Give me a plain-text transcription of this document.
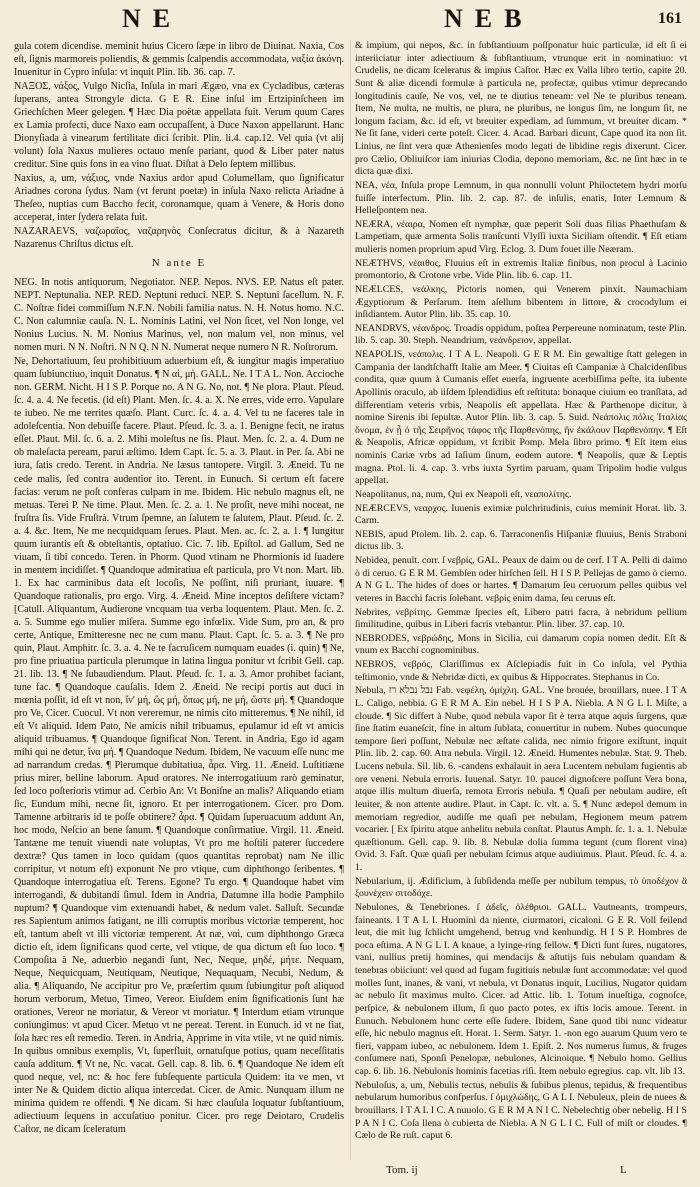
NE	NEB	161

gula cotem dicendise. meminit huius Cicero ſæpe in libro de Diuinat. Naxia, Cos eſt, ſignis marmoreis poliendis, & gemmis ſcalpendis accommodata, ναξία ἀκόνη. Inuenitur in Cypro inſula: vt inquit Plin. lib. 36. cap. 7.

ΝΑΞΟΣ, νάξος, Vulgo Nicſia, Inſula in mari Ægæo, vna ex Cycladibus, cæteras ſuperans, antea Strongyle dicta. G E R. Eine inſul im Ertzipinſcheen im Griechſchen Meer gelegen. ¶ Hæc Dia poëtæ appellata fuit. Verum quum Cares ex Lamia profecti, duce Naxo eam occupaſſent, à Duce Naxon appellarunt. Hanc Dionyſiada à vinearum fertilitate dici ſcribit. Plin. li.4. cap.12. Vel quia (vt alij volunt) ſola Naxus mulieres octauo menſe pariant, quod & Liber pater natus creditur. Sine quis fons in ea vino fluat. Diſtat à Delo ſeptem millibus.

Naxius, a, um, νάξιος, vnde Naxius ardor apud Columellam, quo ſignificatur Ariadnes corona ſydus. Nam (vt ferunt poetæ) in inſula Naxo relicta Ariadne à Theſeo, nuptias cum Baccho fecit, coronamque, quam à Venere, & Horis dono acceperat, inter ſydera relata fuit.

NAZARAEVS, ναζωραῖος, ναζαρηνὸς Conſecratus dicitur, & à Nazareth Nazarenus Chriſtus dictus eſt.

N ante E

NEG. In notis antiquorum, Negotiator. NEP. Nepos. NVS. EP. Natus eſt pater. NEPT. Neptunalia. NEP. RED. Neptuni reduci. NEP. S. Neptuni ſacellum. N. F. C. Noſtræ fidei commiſſum N.F.N. Nobili familia natus. N. H. Notus homo. N.C. C. Non calumniæ cauſa. N. L. Nominis Latini, vel Non ſicet, vel Non longe, vel Nonius Lucius. N. M. Nonius Marinus, vel, non malum vel, non minus, vel nomen muri. N N. Noſtri. N N Q. N N. Numerat neque numero N R. Noſtrorum.

Ne, Dehortatiuum, ſeu prohibitiuum aduerbium eſt, & iungitur magis imperatiuo quam ſubiunctiuo, inquit Donatus. ¶ Ν αὶ, μὴ. GALL. Ne. I T A L. Non. Accioche non. GERM. Nicht. H I S P. Porque no. A N G. No, not. ¶ Ne plora. Plaut. Pſeud. ſc. 4. a. 4. Ne fecetis. (id eſt) Plant. Men. ſc. 4. a. X. Ne erres, vide erro. Vapulare te iubeo. Ne me territes quæſo. Plant. Curc. ſc. 4. a. 4. Vel tu ne faceres tale in adoleſcentia. Non debuiſſe facere. Plaut. Pſeud. ſc. 3. a. 1. Benigne fecit, ne iratus eſſet. Plaut. Mil. ſc. 6. a. 2. Mihi moleſtus ne ſis. Plaut. Men. ſc. 2. a. 4. Dum ne ob maleſacta peream, parui æſtimo. Idem Capt. ſc. 5. a. 3. Plaut. in Per. ſa. Abi ne iura, ſatis credo. Terent. in Andria. Ne læsus tantopere. Virgil. 3. Æneid. Tu ne cede malis, ſed contra audentior ito. Terent. in Eunuch. Si certum eſt facere facias: verum ne poſt conferas culpam in me. Ibidem. Hic nebulo magnus eſt, ne metuas. Terei P. Ne time. Plaut. Men. ſc. 2. a. 1. Ne proſit, neve mihi noceat, ne fruſtra ſis. Vide Fruſtrà. Vtrum ſpemne, an ſalutem te ſalutem, Plaut. Pſeud. ſc. 2. a. 4. &c. Item, Ne me necquidquam ſerues. Plaut. Men. ac. ſc. 2. a. 1. ¶ Iungitur quum iurantis eſt & obteſtantis, optatiuo. Cic. 7. lib. Epiſtol. ad Gallum, Sed ne viuam, ſi tibi concedo. Teren. in Phorm. Quod vtinam ne Phormionis id ſuadere in mentem incidiſſet. ¶ Quandoque admiratiua eſt particula, pro Vt non. Mart. lib. 1. Ex hac carminibus data eſt locoſis, Ne poſſint, niſi pruriant, iuuare. ¶ Quandoque rationalis, pro ergo. Virg. 4. Æneid. Mine inceptos deſiſtere victam? [Catull. Aliquantum, Audierone vncquam tua verba loquentem. Plaut. Men. ſc. 2. a. 5. Summe ego mulier miſera. Summe ego infœlix. Vide Sum, pro an, & pro certe, Antique, Emitteresne nec ne cum manu. Plaut. Capt. ſc. 5. a. 3. ¶ Ne pro quin, Plaut. Amphitr. ſc. 3. a. 4. Ne te facruſicem numquam euades (i. quin) ¶ Ne, pro fine priuatiua particula plerumque in latina lingua ponitur vt ſcribit Gell. cap. 21. lib. 13. ¶ Ne ſubaudiendum. Plaut. Pſeud. ſc. 1. a. 3. Amor prohibet faciant, tune fac. ¶ Quandoque cauſalis. Idem 2. Æneid. Ne recipi portis aut duci in mœnia poſſit, id eſt vt non, ἵν' μή, ὥς μή, ὅπως μή, ne μή, ὥστε μή. ¶ Quandoque pro Ve, Cicer. Cuocul. Vt non vereremur, ne nimis cito mitteremus. ¶ Ne nihil, id eſt Vt aliquid. Idem Pato, Ne amicis nihil tribuamus, epulamur id eſt vt amicis aliquid tribuamus. ¶ Quandoque ſignificat Non. Terent. in Andria, Ego id agam mihi qui ne detur, ἵνα μή. ¶ Quandoque Nedum. Ibidem, Ne vacuum eſſe nunc me ad narrandum credas. ¶ Plerumque dubitatiua, ἆρα. Virg. 11. Æneid. Luſtitiæne prius mirer, belline laborum. Apud oratores. Ne interrogatiuum rarò geminatur, ſed loco poſterioris vtimur ad. Cerbio An: Vt Boniſne an malis? Aliquando etiam ſic, Eundum mihi, necne ſit, ignoro. Et per interrogationem. Cicer. pro Dom. Tamenne arbitraris id te poſſe obtinere? ἆρα. ¶ Quidam ſuperuacuum addunt An, hoc modo, Neſcio an bene ſanum. ¶ Quandoque conſirmatiue. Virgil. 11. Æneid. Tantæne me tenuit viuendi nate voluptas, Vt pro me hoſtili paterer ſuccedere dextræ? Qus tamen in loco quidam (quos quantitas reprobat) nam Ne illic corripitur, vt notum eſt) exponunt Ne pro vtique, cum diphthongo ſeribentes. ¶ Quandoque interrogatiua eſt. Terens. Egone? Tu ergo. ¶ Quandoque habet vim interrogandi, & dubitandi ſimul. Idem in Andria, Datumne illa hodie Pamphilo nuptum? ¶ Quandoque vim extenuandi habet, & nedum valet. Salluſt. Secundæ res Sapientum animos fatigant, ne illi corruptis moribus victoriæ temperent, hoc eſt, tantum abeſt vt illi victoriæ temperent. At næ, ναὶ, cum diphthongo Græca dictio eſt, idem ſignificans quod certe, vel vtique, de qua dictum eſt ſuo loco. ¶ Compoſita à Ne, aduerbio negandi ſunt, Nec, Neque, μηδέ, μήτε. Nequam, Neque, Nequicquam, Neutiquam, Neutique, Nequaquam, Necubi, Nedum, & alia. ¶ Aliquando, Ne accipitur pro Ve, præſertim quum ſubiungitur poſt aliquod horum verborum, Metuo, Timeo, Vereor. Eiuſdem enim ſignificationis ſunt hæ orationes, Vereor ne moriatur, & Vereor vt moriatur. ¶ Interdum etiam vtrunque coniungimus: vt apud Cicer. Metuo vt ne pereat. Terent. in Eunuch. id vt ne fiat, ſola hæc res eſt remedio. Teren. in Andria, Apprime in vita vtile, vt ne quid nimis. In quibus omnibus exemplis, Vt, ſuperfluit, ornatuſque potius, quam neceſſitatis cauſa additum. ¶ Vt ne, Nc. vacat. Gell. cap. 8. lib. 6. ¶ Quandoque Ne idem eſt quod neque, vel, nc: & hoc fere fubſequente particula Quidem: ita ve men, vt inter Ne & Quidem dictio aliqua intercedat. Cicer. de Amic. Nunquam illum ne minima quidem re offendi. ¶ Ne dicam. Si hæc clauſula loquatur ſubſtantiuum, adiectiuum ſequens in accuſatiuo ponitur. Cicer. pro rege Deiotaro, Crudelis Caſtor, ne dicam ſceleratum

& impium, qui nepos, &c. in ſubſtantiuum poſſponatur huic particulæ, id eſt ſi ei interiiciatur inter adiectiuum & ſubſtantiuum, vtrunque erit in nominatiuo: vt Crudelis, ne dicam ſceleratus & impius Caſtor. Hæc ex Valla libro tertio, capite 20. Sunt & aliæ dicendi formulæ à particula ne, profectæ, quibus vtimur deprecando longitudinis cauſe, Ne vos, vel, ne te diutius teneam: vel Ne te pluribus teneam. Item, Ne multa, ne multis, ne plura, ne pluribus, ne longus ſim, ne longum ſit, ne longum faciam, &c. id eſt, vt breuiter expediam, ad ſummum, vt breuiter dicam. * Ne ſit ſane, videri certe poteſt. Cicer. 4. Acad. Barbari dicunt, Cape quod ita non ſit. Linius, ne ſint vera quæ Athenienſes modo legati de libidine regis dixerunt. Cicer. pro Cælio, Obliuiſcor iam iniurias Clodia, depono memoriam, &c. ne ſint hæc in te dicta quæ dixi.

ΝΕΑ, νέα, Inſula prope Lemnum, in qua nonnulli volunt Philoctetem hydri morſu fuiſſe interfectum. Plin. lib. 2. cap. 87. de inſulis, enatis, Inter Lemnum & Helleſpontem nea.

ΝΕÆRA, νέαιρα, Nomen eſt nymphæ, quæ peperit Soli duas filias Phaethuſam & Lampetiam, quæ armenta Solis tranſcunti Vlyſſi iuxta Siciliam oſtendit. ¶ Eſt etiam mulieris nomen proprium apud Virg. Eclog. 3. Dum fouet ille Neæram.

ΝΕÆΤΗVS, νέαιθος, Fluuius eſt in extremis Italiæ finibus, non procul à Lacinio promontorio, & Crotone vrbe. Vide Plin. lib. 6. cap. 11.

ΝΕÆLCES, νεάλκης, Pictoris nomen, qui Venerem pinxit. Naumachiam Ægyptiorum & Perſarum. Item aſellum bibentem in littore, & crocodylum ei inſidiantem. Autor Plin. lib. 35. cap. 10.

ΝΕΑΝDRVS, νέανδρος. Troadis oppidum, poſtea Perpereune nominatum, teste Plin. lib. 5. cap. 30. Steph. Neandrium, νεάνδρειον, appellat.

ΝΕΑΡΟLIS, νεάπολις. I T A L. Neapoli. G E R M. Ein gewaltige ſtatt gelegen in Campania der landtſchafft Italie am Meer. ¶ Ciuitas eſt Campaniæ à Chalcidenſibus condita, quæ quum à Cumanis eſſet euerſa, ingruente acerbiſſima peſte, ita iubente Apollinis oraculo, ab iiſdem ſplendidius eſt reſtituta: bonaque ciuium eo tranſlata, ad differentiam veteris vrbis, Neapolis eſt appellata. Hæc & Parthenope dicitur, à nomine Sirenis ibi ſepultæ. Autor Plin. lib. 3. cap. 5. Suid. Νεάπολις πόλις Ἰταλίας ὄνομα, ἐν ᾗ ὁ τῆς Σειρῆνος τάφος τῆς Παρθενόπης, ἣν ἐκάλουν Παρθενόπην. ¶ Eſt & Neapolis, Africæ oppidum, vt ſcribit Pomp. Mela ſibro primo. ¶ Eſt item eius nominis Cariæ vrbs ad Iaſium ſinum, eodem autore. ¶ Neapolis, quæ & Leptis magna. Ptol. li. 4. cap. 3. vrbs iuxta Syrtim paruam, quam Tripolim hodie vulgus appellat.

Neapolitanus, na, num, Qui ex Neapoli eſt, νεαπολίτης.

ΝΕÆRCEVS, νεαρχος. Iuuenis eximiæ pulchritudinis, cuius meminit Horat. lib. 3. Carm.

NEBIS, apud Ptolem. lib. 2. cap. 6. Tarraconenſis Hiſpaniæ fluuius, Benis Straboni dictus lib. 3.

Nebidea, penult. corr. ſ νεβρίς, GAL. Peaux de daim ou de cerf. I T A. Pelli di daimo ò di ceruo. G E R M. Gembſen oder hirſchen ſell. H I S P. Pellejas de gamo ò cierno. A N G L. The hides of does or hartes. ¶ Damarum ſeu ceruorum pelles quibus vel veteres in Bacchi facris ſolebant. νεβρὶς enim dama, ſeu ceruus eſt.

Nebrites, νεβρίτης. Gemmæ ſpecies eſt, Libero patri facra, à nebridum pellium ſimilitudine, quibus in Liberi facris vtebantur. Plin. liber. 37. cap. 10.

NEBRODES, νεβρώδης, Mons in Sicilia, cui damarum copia nomen dedit. Eſt & vnum ex Bacchi cognominibus.

NEBROS, νεβρός, Clariſſimus ex Aſclepiadis fuit in Co inſula, vel Pythia teſtimonio, vnde & Nebridæ dicti, ex quibus & Hippocrates. Stephanus in Co.

Nebula, נבל נבלא רז Fab. νεφέλη, ὀμίχλη. GAL. Vne brouée, brouillars, nuee. I T A L. Caligo, nebbia. G E R M A. Ein nebel. H I S P A. Niebla. A N G L I. Miſte, a cloude. ¶ Sic differt à Nube, quod nebula vapor ſit è terra atque aquis ſurgens, quæ ſine ſtatim euaneſcit, fine in altum ſublata, conuertitur in nubem. Nubes quocunque tempore ſieri poſſunt, Nebulæ nec æſtate calida, nec nimio frigore exiſtunt, inquit Plin. lib. 2. cap. 60. Atra nebula. Virgil. 12. Æneid. Humentes nebulæ. Stat. 9. Theb. Lucens nebula. Sil. lib. 6. -candens exhalauit in aera Lucentem nebulam fugientis ab ore veneni. Nebula erroris. Iuuenal. Satyr. 10. paucei dignoſcere poſſunt Vera bona, atque illis multum diuerſa, remota Erroris nebula. ¶ Quaſi per nebulam audire, eſt leuiter, & non attente audire. Plaut. in Capt. ſc. vlt. a. 5. ¶ Nunc ædepol demum in memoriam regredior, audiſſe me quaſi per nebulam, Hegionem meum patrem vocarier. [ Ex ſpiritu atque anhelitu nebula conſtat. Plautus Amph. ſc. 1. a. 1. Nebulæ quæſtionum. Gell. cap. 9. lib. 8. Nebulæ dolia ſumma tegunt (cum florent vina) Ovid. 3. Faſt. Quæ quaſi per nebulam ſcimus atque audiuimus. Plaut. Pſeud. ſc. 4. a. 1.

Nebularium, ij. Ædificium, à ſubſidenda meſſe per nubilum tempus, τὸ ὑποδέχον ἃ ξουνέχειν σιτοδόχε.

Nebulones, & Tenebriones. ſ ἀδεῖς, ὀλέθριοι. GALL. Vautneants, trompeurs, faineants. I T A L I. Huomini da niente, ciurmatori, cicaloni. G E R. Voll feilend leut, die mit lug ſchlicht umgehend, betrug vnd kenhundig. H I S P. Hombres de poca eſtima. A N G L I. A knaue, a lyinge-ring fellow. ¶ Dicti ſunt ſures, nugatores, vani, nullius pretij homines, qui mendacijs & aſtutijs ſuis nebulam quandam & tenebras obiiciunt: vel quod ad fugam fugitiuis nebulæ ſunt accommodatæ: vel quod molles ſunt, inanes, & vani, vt nebula, vt Donatus inquit, Lucilius, Nugator quidam ac nebulo ſit maximus multo. Cicer. ad Attic. lib. 1. Totum inueſtiga, cognoſce, perſpice, & nebulonem illum, ſi quo pacto potes, ex iſtis locis amoue. Terent. in Eunuch. Nebulonem hunc certe eſſe ſudere. Ibidem, Sane quod tibi nunc videatur eſſe, hic nebulo magnus eſt. Horat. 1. Serm. Satyr. 1. -non ego auarum Quum vero te fieri, vappam iubeo, ac nebulonem. Idem 1. Epiſt. 2. Nos numerus ſumus, & fruges conſumere nati, Sponſi Penelopæ, nebulones, Alcinoique. ¶ Nebulo homo. Gellius cap. 6. lib. 16. Nebulonis hominis facetias riſi. Item nebulo egregius. cap. vlt. lib 13.

Nebuloſus, a, um, Nebulis tectus, nebulis & ſubibus plenus, tepidus, & frequentibus nebularum humoribus confperſus. ſ ὀμιχλώδης, G A L I. Nebuleux, plein de nuees & brouillarts. I T A L I C. A nuuolo. G E R M A N I C. Nebelechtig ober nebelig. H I S P A N I C. Coſa llena ò cubierta de Niebla. A N G L I C. Full of miſt or cloudes. ¶ Cælo de Re ruſt. caput 6.

Tom. ij	L
